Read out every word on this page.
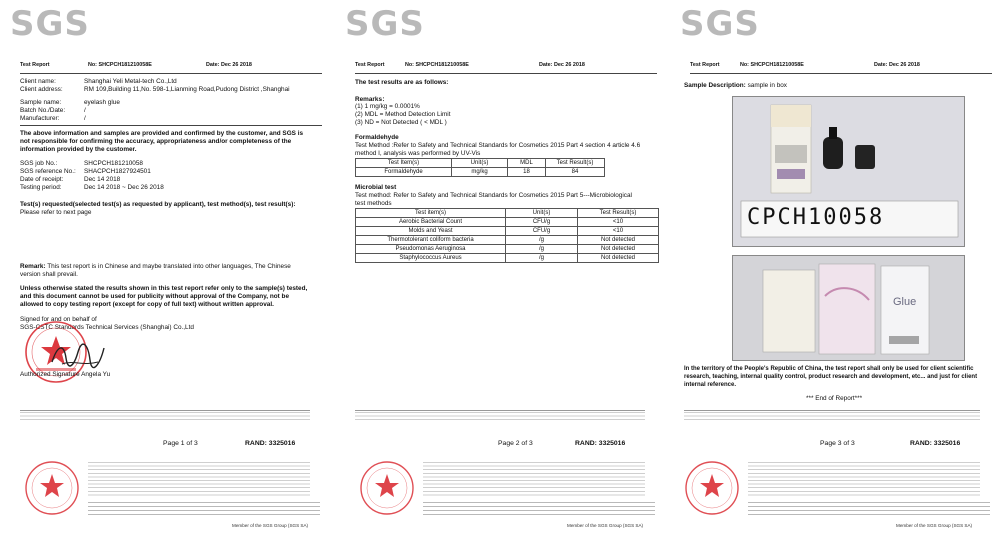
SGS
Test Report	No: SHCPCH181210058E	Date: Dec 26 2018
Client name:	Shanghai Yeli Metal-tech Co.,Ltd
Client address:	RM 109,Building 11,No. 598-1,Lianming Road,Pudong District ,Shanghai
Sample name:	eyelash glue
Batch No./Date:	/
Manufacturer:	/
The above information and samples are provided and confirmed by the customer, and SGS is
not responsible for confirming the accuracy, appropriateness and/or completeness of the
information provided by the customer.
SGS job No.:	SHCPCH181210058
SGS reference No.: SHACPCH1827924501
Date of receipt:	Dec 14 2018
Testing period:	Dec 14 2018 ~ Dec 26 2018
Test(s) requested(selected test(s) as requested by applicant), test method(s), test result(s):
Please refer to next page
Remark: This test report is in Chinese and maybe translated into other languages, The Chinese
version shall prevail.
Unless otherwise stated the results shown in this test report refer only to the sample(s) tested,
and this document cannot be used for publicity without approval of the Company, not be
allowed to copy testing report (except for copy of full text) without written approval.
Signed for and on behalf of
SGS-CSTC Standards Technical Services (Shanghai) Co.,Ltd
Authorized Signature Angela Yu
Page 1 of 3	RAND: 3325016
Member of the SGS Group (SGS SA)
SGS
Test Report	No: SHCPCH181210058E	Date: Dec 26 2018
The test results are as follows:
Remarks：
(1) 1 mg/kg = 0.0001%
(2) MDL = Method Detection Limit
(3) ND = Not Detected ( < MDL )
Formaldehyde
Test Method :Refer to Safety and Technical Standards for Cosmetics 2015 Part 4 section 4 article 4.6
method I, analysis was performed by UV-Vis
Test Item(s)	Unit(s)	MDL	Test Result(s)
Formaldehyde	mg/kg	18	84
Microbial test
Test method: Refer to Safety and Technical Standards for Cosmetics 2015 Part 5---Microbiological
test methods
Test item(s)	Unit(s)	Test Result(s)
Aerobic Bacterial Count	CFU/g	<10
Molds and Yeast	CFU/g	<10
Thermotolerant coliform bacteria	/g	Not detected
Pseudomonas Aeruginosa	/g	Not detected
Staphylococcus Aureus	/g	Not detected
Page 2 of 3	RAND: 3325016
Member of the SGS Group (SGS SA)
SGS
Test Report	No: SHCPCH181210058E	Date: Dec 26 2018
Sample Description: sample in box
CPCH10058
Glue
In the territory of the People's Republic of China, the test report shall only be used for client scientific
research, teaching, internal quality control, product research and development, etc... and just for client
internal reference.
*** End of Report***
Page 3 of 3	RAND: 3325016
Member of the SGS Group (SGS SA)
